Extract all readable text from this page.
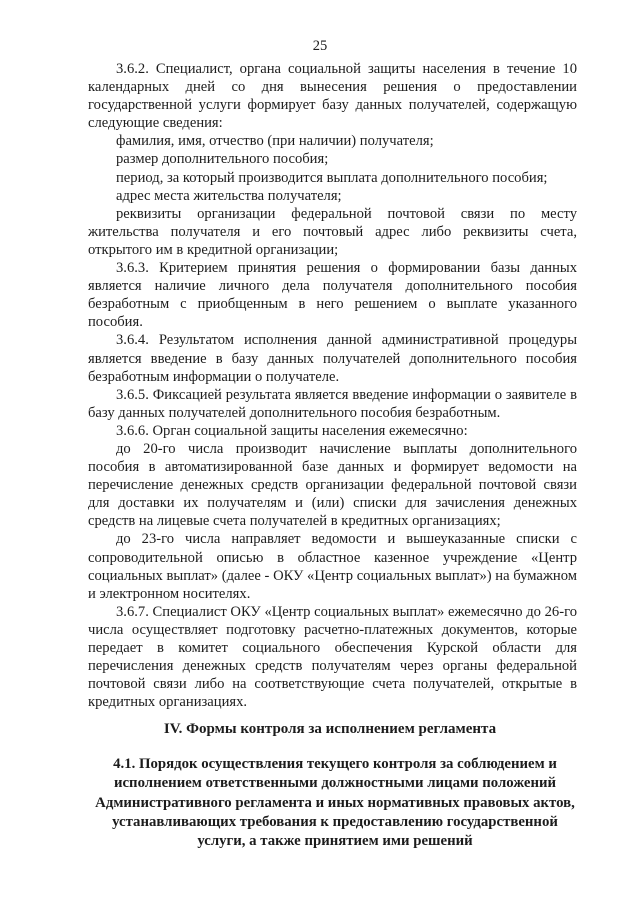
25

3.6.2. Специалист, органа социальной защиты населения в течение 10 календарных дней со дня вынесения решения о предоставлении государственной услуги формирует базу данных получателей, содержащую следующие сведения:

фамилия, имя, отчество (при наличии) получателя;

размер дополнительного пособия;

период, за который производится выплата дополнительного пособия;

адрес места жительства получателя;

реквизиты организации федеральной почтовой связи по месту жительства получателя и его почтовый адрес либо реквизиты счета, открытого им в кредитной организации;

3.6.3. Критерием принятия решения о формировании базы данных является наличие личного дела получателя дополнительного пособия безработным с приобщенным в него решением о выплате указанного пособия.

3.6.4. Результатом исполнения данной административной процедуры является введение в базу данных получателей дополнительного пособия безработным информации о получателе.

3.6.5. Фиксацией результата является введение информации о заявителе в базу данных получателей дополнительного пособия безработным.

3.6.6. Орган социальной защиты населения ежемесячно:

до 20-го числа производит начисление выплаты дополнительного пособия в автоматизированной базе данных и формирует ведомости на перечисление денежных средств организации федеральной почтовой связи для доставки их получателям и (или) списки для зачисления денежных средств на лицевые счета получателей в кредитных организациях;

до 23-го числа направляет ведомости и вышеуказанные списки с сопроводительной описью в областное казенное учреждение «Центр социальных выплат» (далее - ОКУ «Центр социальных выплат») на бумажном и электронном носителях.

3.6.7. Специалист ОКУ «Центр социальных выплат» ежемесячно до 26-го числа осуществляет подготовку расчетно-платежных документов, которые передает в комитет социального обеспечения Курской области для перечисления денежных средств получателям через органы федеральной почтовой связи либо на соответствующие счета получателей, открытые в кредитных организациях.

IV. Формы контроля за исполнением регламента
4.1. Порядок осуществления текущего контроля за соблюдением и исполнением ответственными должностными лицами положений Административного регламента и иных нормативных правовых актов, устанавливающих требования к предоставлению государственной услуги, а также принятием ими решений
